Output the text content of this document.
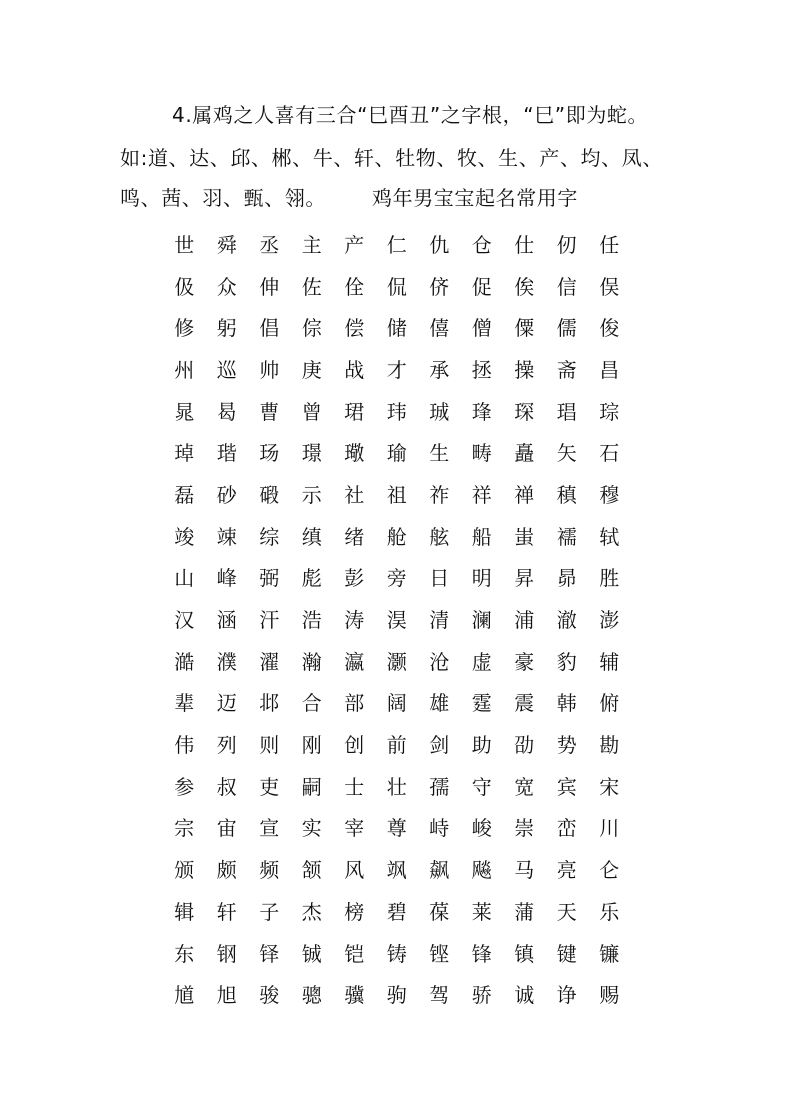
4.属鸡之人喜有三合“巳酉丑”之字根，“巳”即为蛇。
如:道、达、邱、郴、牛、轩、牡物、牧、生、产、均、凤、
鸣、茜、羽、甄、翎。 鸡年男宝宝起名常用字
世	舜	丞	主	产	仁	仇	仓	仕	仞	任
伋	众	伸	佐	佺	侃	侪	促	俟	信	俣
修	躬	倡	倧	偿	储	僖	僧	僳	儒	俊
州	巡	帅	庚	战	才	承	拯	操	斋	昌
晁	曷	曹	曾	珺	玮	珹	琒	琛	琩	琮
琸	瑎	玚	璟	璥	瑜	生	畴	矗	矢	石
磊	砂	碫	示	社	祖	祚	祥	禅	稹	穆
竣	竦	综	缜	绪	舱	舷	船	蚩	襦	轼
山	峰	弼	彪	彭	旁	日	明	昇	昴	胜
汉	涵	汗	浩	涛	淏	清	澜	浦	澈	澎
澔	濮	濯	瀚	瀛	灏	沧	虚	豪	豹	辅
辈	迈	邶	合	部	阔	雄	霆	震	韩	俯
伟	列	则	刚	创	前	剑	助	劭	势	勘
参	叔	吏	嗣	士	壮	孺	守	宽	宾	宋
宗	宙	宣	实	宰	尊	峙	峻	崇	峦	川
颁	颇	频	颔	风	飒	飙	飚	马	亮	仑
辑	轩	子	杰	榜	碧	葆	莱	蒲	天	乐
东	钢	铎	铖	铠	铸	铿	锋	镇	键	镰
馗	旭	骏	骢	骥	驹	驾	骄	诚	诤	赐
